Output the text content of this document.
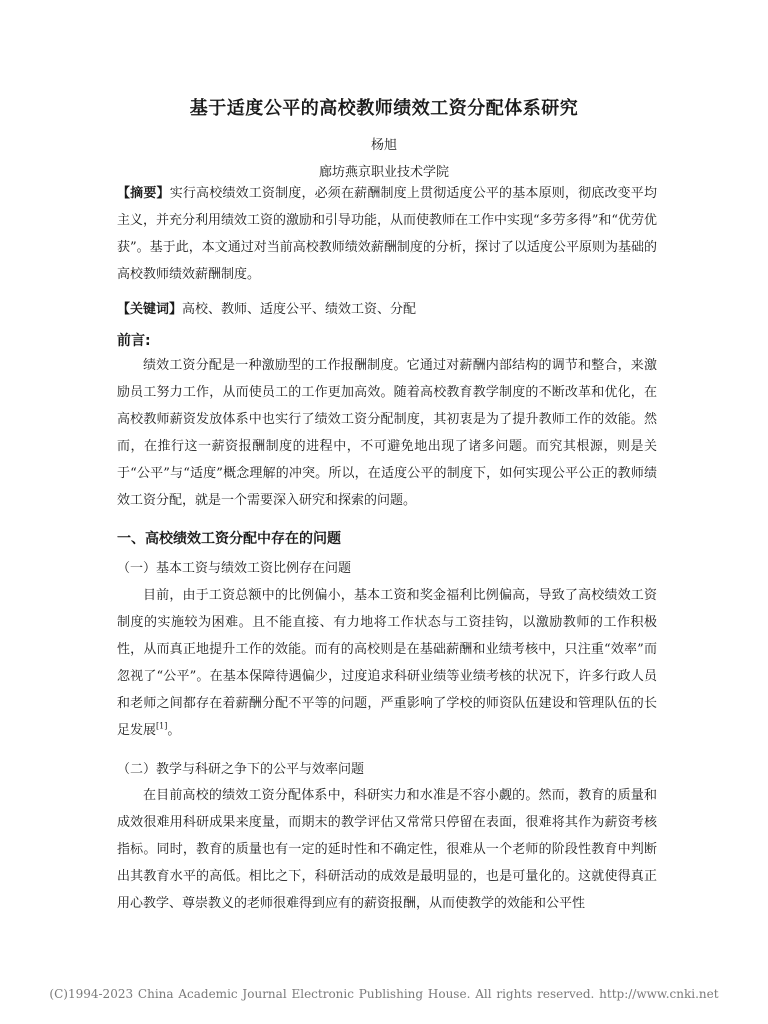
基于适度公平的高校教师绩效工资分配体系研究
杨旭
廊坊燕京职业技术学院
【摘要】实行高校绩效工资制度，必须在薪酬制度上贯彻适度公平的基本原则，彻底改变平均主义，并充分利用绩效工资的激励和引导功能，从而使教师在工作中实现“多劳多得”和“优劳优获”。基于此，本文通过对当前高校教师绩效薪酬制度的分析，探讨了以适度公平原则为基础的高校教师绩效薪酬制度。
【关键词】高校、教师、适度公平、绩效工资、分配
前言:
绩效工资分配是一种激励型的工作报酬制度。它通过对薪酬内部结构的调节和整合，来激励员工努力工作，从而使员工的工作更加高效。随着高校教育教学制度的不断改革和优化，在高校教师薪资发放体系中也实行了绩效工资分配制度，其初衷是为了提升教师工作的效能。然而，在推行这一薪资报酬制度的进程中，不可避免地出现了诸多问题。而究其根源，则是关于“公平”与“适度”概念理解的冲突。所以，在适度公平的制度下，如何实现公平公正的教师绩效工资分配，就是一个需要深入研究和探索的问题。
一、高校绩效工资分配中存在的问题
（一）基本工资与绩效工资比例存在问题
目前，由于工资总额中的比例偏小，基本工资和奖金福利比例偏高，导致了高校绩效工资制度的实施较为困难。且不能直接、有力地将工作状态与工资挂钩，以激励教师的工作积极性，从而真正地提升工作的效能。而有的高校则是在基础薪酬和业绩考核中，只注重“效率”而忽视了“公平”。在基本保障待遇偏少，过度追求科研业绩等业绩考核的状况下，许多行政人员和老师之间都存在着薪酬分配不平等的问题，严重影响了学校的师资队伍建设和管理队伍的长足发展[1]。
（二）教学与科研之争下的公平与效率问题
在目前高校的绩效工资分配体系中，科研实力和水准是不容小觑的。然而，教育的质量和成效很难用科研成果来度量，而期末的教学评估又常常只停留在表面，很难将其作为薪资考核指标。同时，教育的质量也有一定的延时性和不确定性，很难从一个老师的阶段性教育中判断出其教育水平的高低。相比之下，科研活动的成效是最明显的，也是可量化的。这就使得真正用心教学、尊崇教义的老师很难得到应有的薪资报酬，从而使教学的效能和公平性
(C)1994-2023 China Academic Journal Electronic Publishing House. All rights reserved. http://www.cnki.net
